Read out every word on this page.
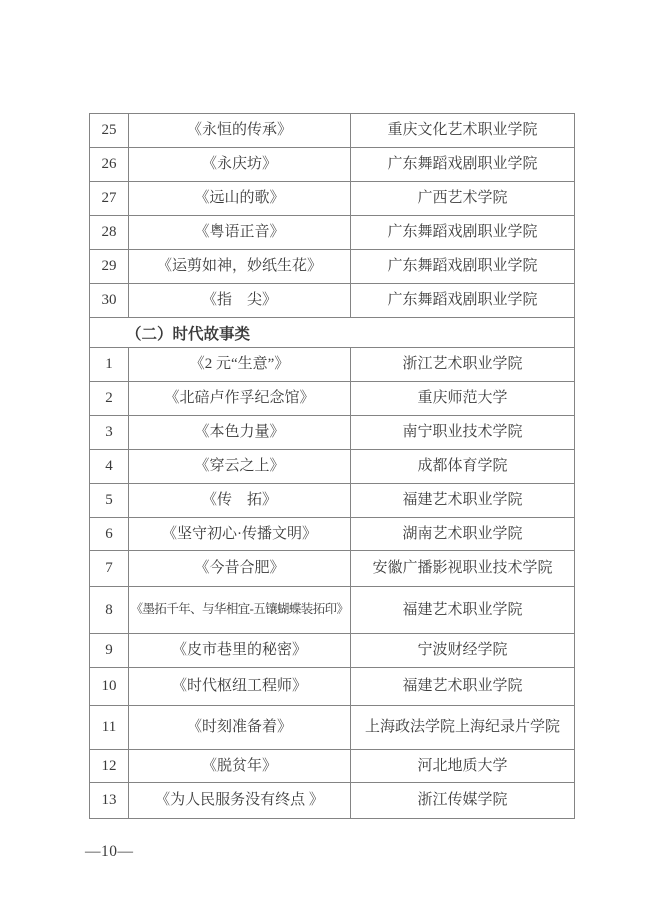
25	《永恒的传承》	重庆文化艺术职业学院
26	《永庆坊》	广东舞蹈戏剧职业学院
27	《远山的歌》	广西艺术学院
28	《粤语正音》	广东舞蹈戏剧职业学院
29	《运剪如神，妙纸生花》	广东舞蹈戏剧职业学院
30	《指　尖》	广东舞蹈戏剧职业学院
（二）时代故事类
1	《2 元“生意”》	浙江艺术职业学院
2	《北碚卢作孚纪念馆》	重庆师范大学
3	《本色力量》	南宁职业技术学院
4	《穿云之上》	成都体育学院
5	《传　拓》	福建艺术职业学院
6	《坚守初心·传播文明》	湖南艺术职业学院
7	《今昔合肥》	安徽广播影视职业技术学院
8	《墨拓千年、与华相宜-五镶蝴蝶装拓印》	福建艺术职业学院
9	《皮市巷里的秘密》	宁波财经学院
10	《时代枢纽工程师》	福建艺术职业学院
11	《时刻准备着》	上海政法学院上海纪录片学院
12	《脱贫年》	河北地质大学
13	《为人民服务没有终点 》	浙江传媒学院
—10—
